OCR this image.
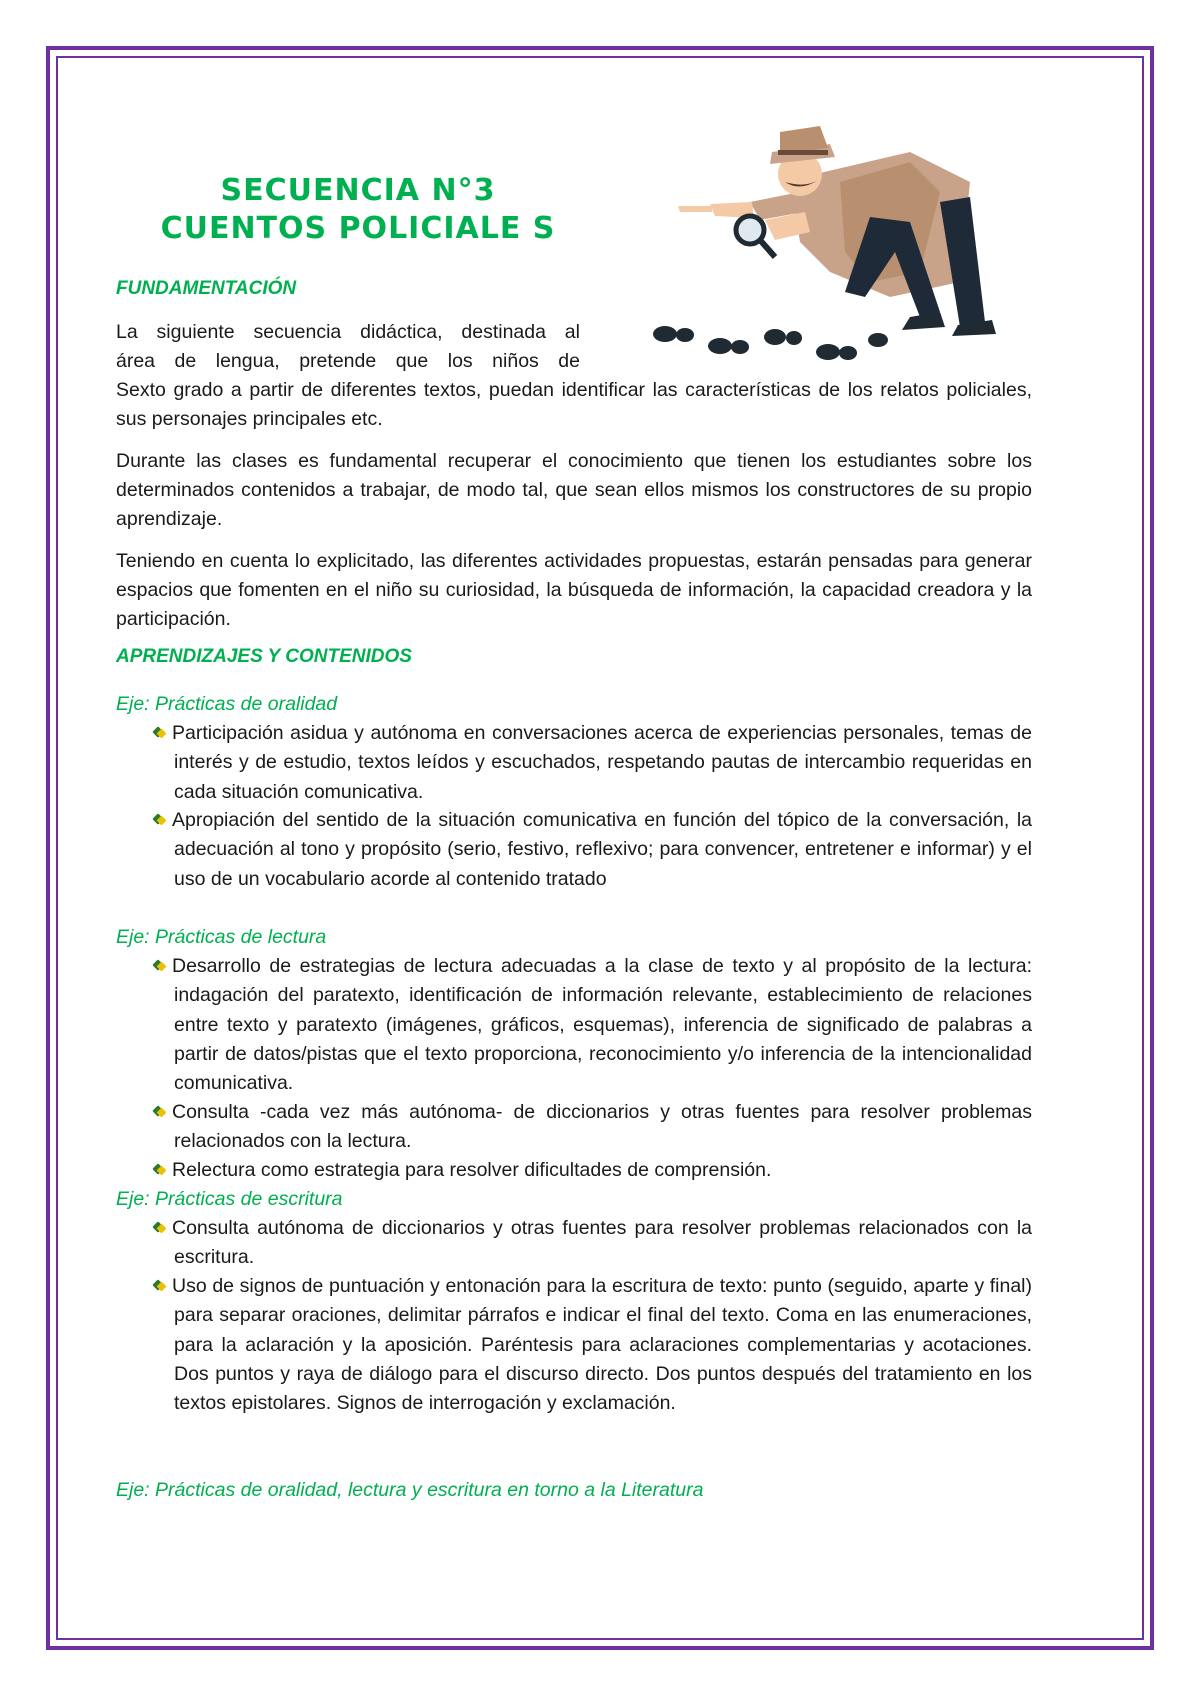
SECUENCIA N°3
CUENTOS POLICIALE S
FUNDAMENTACIÓN
La siguiente secuencia didáctica, destinada al
área de lengua, pretende que los niños de
Sexto grado a partir de diferentes textos, puedan identificar las características de los relatos policiales, sus personajes principales etc.
Durante las clases es fundamental recuperar el conocimiento que tienen los estudiantes sobre los determinados contenidos a trabajar, de modo tal, que sean ellos mismos los constructores de su propio aprendizaje.
Teniendo en cuenta lo explicitado, las diferentes actividades propuestas, estarán pensadas para generar espacios que fomenten en el niño su curiosidad, la búsqueda de información, la capacidad creadora y la participación.
APRENDIZAJES Y CONTENIDOS
Eje: Prácticas de oralidad
Participación asidua y autónoma en conversaciones acerca de experiencias personales, temas de interés y de estudio, textos leídos y escuchados, respetando pautas de intercambio requeridas en cada situación comunicativa.
Apropiación del sentido de la situación comunicativa en función del tópico de la conversación, la adecuación al tono y propósito (serio, festivo, reflexivo; para convencer, entretener e informar) y el uso de un vocabulario acorde al contenido tratado
Eje: Prácticas de lectura
Desarrollo de estrategias de lectura adecuadas a la clase de texto y al propósito de la lectura: indagación del paratexto, identificación de información relevante, establecimiento de relaciones entre texto y paratexto (imágenes, gráficos, esquemas), inferencia de significado de palabras a partir de datos/pistas que el texto proporciona, reconocimiento y/o inferencia de la intencionalidad comunicativa.
Consulta -cada vez más autónoma- de diccionarios y otras fuentes para resolver problemas relacionados con la lectura.
Relectura como estrategia para resolver dificultades de comprensión.
Eje: Prácticas de escritura
Consulta autónoma de diccionarios y otras fuentes para resolver problemas relacionados con la escritura.
Uso de signos de puntuación y entonación para la escritura de texto: punto (seguido, aparte y final) para separar oraciones, delimitar párrafos e indicar el final del texto. Coma en las enumeraciones, para la aclaración y la aposición. Paréntesis para aclaraciones complementarias y acotaciones. Dos puntos y raya de diálogo para el discurso directo. Dos puntos después del tratamiento en los textos epistolares. Signos de interrogación y exclamación.
Eje: Prácticas de oralidad, lectura y escritura en torno a la Literatura
